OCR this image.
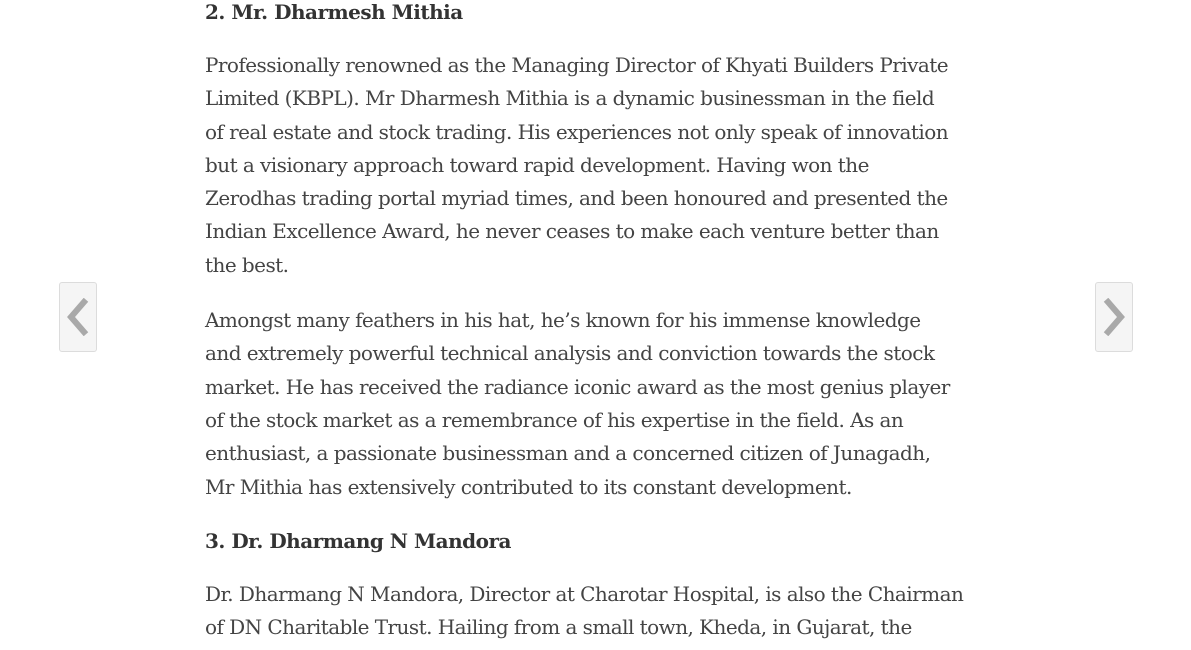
2. Mr. Dharmesh Mithia

Professionally renowned as the Managing Director of Khyati Builders Private
Limited (KBPL). Mr Dharmesh Mithia is a dynamic businessman in the field
of real estate and stock trading. His experiences not only speak of innovation
but a visionary approach toward rapid development. Having won the
Zerodhas trading portal myriad times, and been honoured and presented the
Indian Excellence Award, he never ceases to make each venture better than
the best.

Amongst many feathers in his hat, he’s known for his immense knowledge
and extremely powerful technical analysis and conviction towards the stock
market. He has received the radiance iconic award as the most genius player
of the stock market as a remembrance of his expertise in the field. As an
enthusiast, a passionate businessman and a concerned citizen of Junagadh,
Mr Mithia has extensively contributed to its constant development.

3. Dr. Dharmang N Mandora

Dr. Dharmang N Mandora, Director at Charotar Hospital, is also the Chairman
of DN Charitable Trust. Hailing from a small town, Kheda, in Gujarat, the
